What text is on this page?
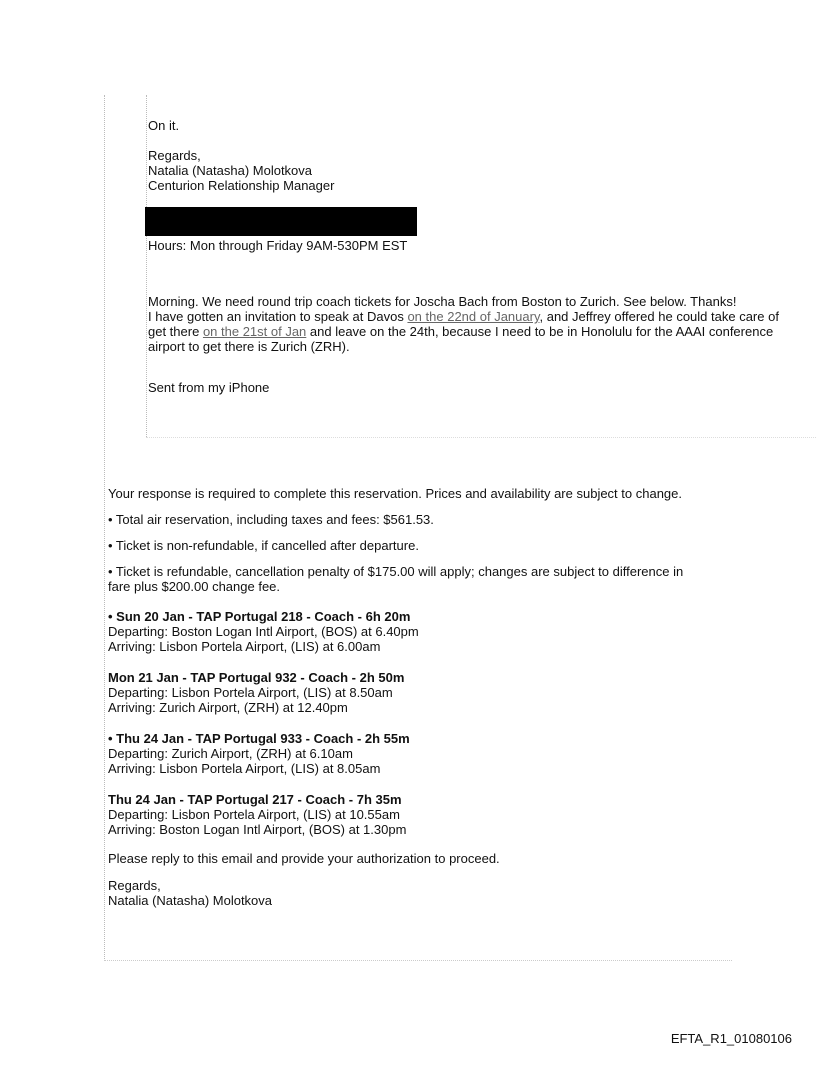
On it.
Regards,
Natalia (Natasha) Molotkova
Centurion Relationship Manager
Hours: Mon through Friday 9AM-530PM EST
Morning. We need round trip coach tickets for Joscha Bach from Boston to Zurich. See below. Thanks!
I have gotten an invitation to speak at Davos on the 22nd of January, and Jeffrey offered he could take care of
get there on the 21st of Jan and leave on the 24th, because I need to be in Honolulu for the AAAI conference
airport to get there is Zurich (ZRH).
Sent from my iPhone
Your response is required to complete this reservation. Prices and availability are subject to change.
• Total air reservation, including taxes and fees: $561.53.
• Ticket is non-refundable, if cancelled after departure.
• Ticket is refundable, cancellation penalty of $175.00 will apply; changes are subject to difference in
fare plus $200.00 change fee.
• Sun 20 Jan - TAP Portugal 218 - Coach - 6h 20m
Departing: Boston Logan Intl Airport, (BOS) at 6.40pm
Arriving: Lisbon Portela Airport, (LIS) at 6.00am
Mon 21 Jan - TAP Portugal 932 - Coach - 2h 50m
Departing: Lisbon Portela Airport, (LIS) at 8.50am
Arriving: Zurich Airport, (ZRH) at 12.40pm
• Thu 24 Jan - TAP Portugal 933 - Coach - 2h 55m
Departing: Zurich Airport, (ZRH) at 6.10am
Arriving: Lisbon Portela Airport, (LIS) at 8.05am
Thu 24 Jan - TAP Portugal 217 - Coach - 7h 35m
Departing: Lisbon Portela Airport, (LIS) at 10.55am
Arriving: Boston Logan Intl Airport, (BOS) at 1.30pm
Please reply to this email and provide your authorization to proceed.
Regards,
Natalia (Natasha) Molotkova
EFTA_R1_01080106
